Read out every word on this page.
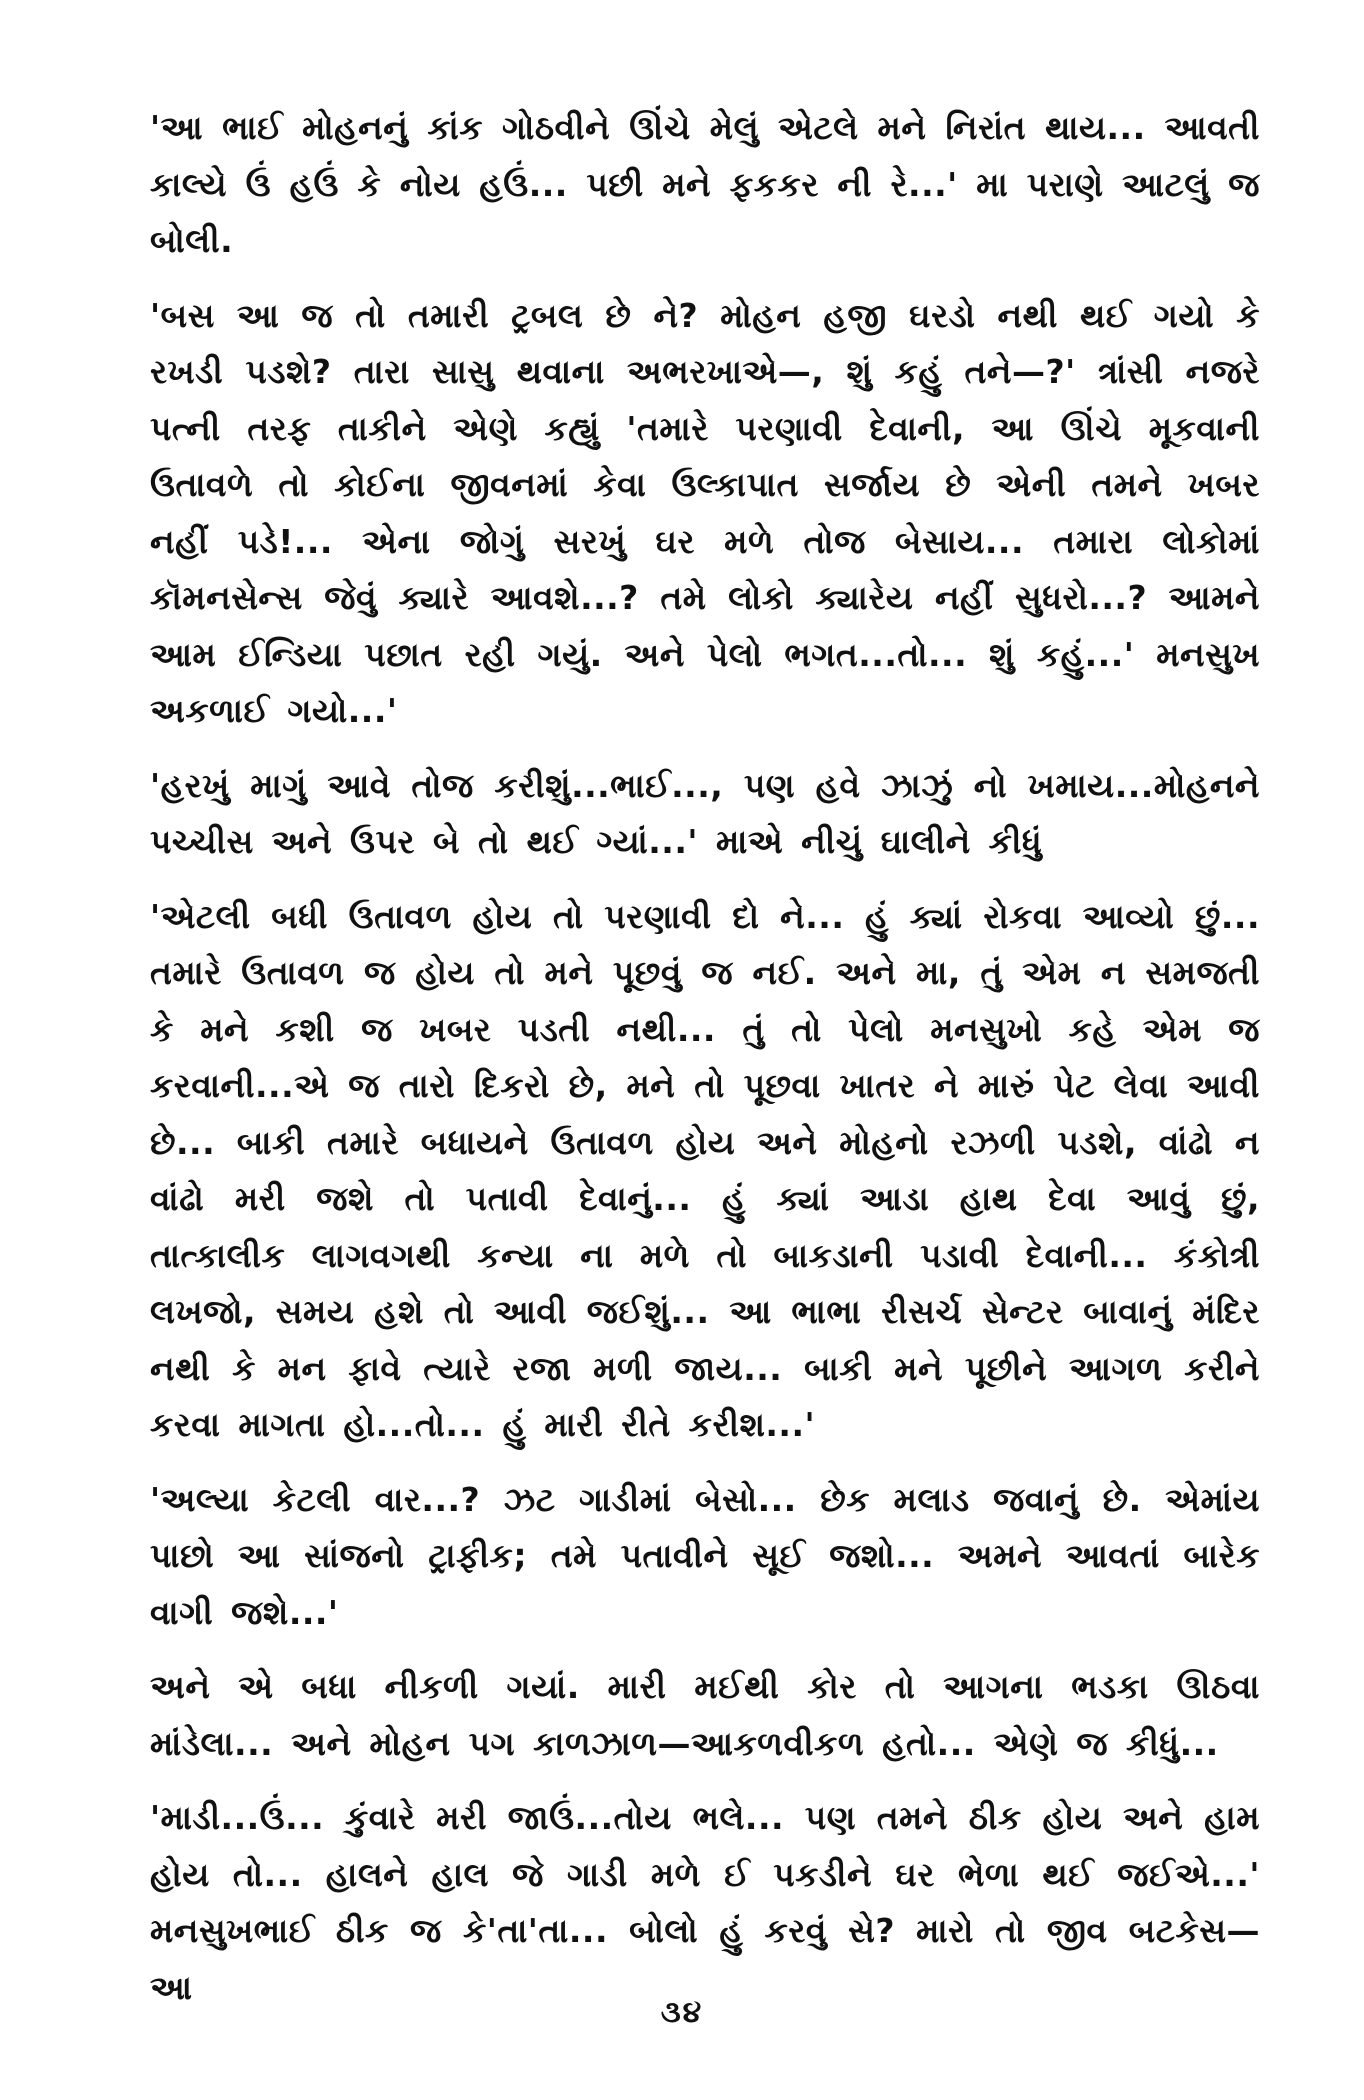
'આ ભાઈ મોહનનું કાંક ગોઠવીને ઊંચે મેલું એટલે મને નિરાંત થાય... આવતી કાલ્યે ઉં હઉં કે નોય હઉં... પછી મને ફકકર ની રે...' મા પરાણે આટલું જ બોલી.

'બસ આ જ તો તમારી ટ્રબલ છે ને? મોહન હજી ઘરડો નથી થઈ ગયો કે રખડી પડશે? તારા સાસુ થવાના અભરખાએ—, શું કહું તને—?' ત્રાંસી નજરે પત્ની તરફ તાકીને એણે કહ્યું 'તમારે પરણાવી દેવાની, આ ઊંચે મૂકવાની ઉતાવળે તો કોઈના જીવનમાં કેવા ઉલ્કાપાત સર્જાય છે એની તમને ખબર નહીં પડે!... એના જોગું સરખું ઘર મળે તોજ બેસાય... તમારા લોકોમાં કૉમનસેન્સ જેવું ક્યારે આવશે...? તમે લોકો ક્યારેય નહીં સુધરો...? આમને આમ ઈન્ડિયા પછાત રહી ગયું. અને પેલો ભગત...તો... શું કહું...' મનસુખ અકળાઈ ગયો...'

'હરખું માગું આવે તોજ કરીશું...ભાઈ..., પણ હવે ઝાઝું નો ખમાય...મોહનને પચ્ચીસ અને ઉપર બે તો થઈ ગ્યાં...' માએ નીચું ઘાલીને કીધું

'એટલી બધી ઉતાવળ હોય તો પરણાવી દો ને... હું ક્યાં રોકવા આવ્યો છું... તમારે ઉતાવળ જ હોય તો મને પૂછવું જ નઈ. અને મા, તું એમ ન સમજતી કે મને કશી જ ખબર પડતી નથી... તું તો પેલો મનસુખો કહે એમ જ કરવાની...એ જ તારો દિકરો છે, મને તો પૂછવા ખાતર ને મારું પેટ લેવા આવી છે... બાકી તમારે બધાયને ઉતાવળ હોય અને મોહનો રઝળી પડશે, વાંઢો ન વાંઢો મરી જશે તો પતાવી દેવાનું... હું ક્યાં આડા હાથ દેવા આવું છું, તાત્કાલીક લાગવગથી કન્યા ના મળે તો બાકડાની પડાવી દેવાની... કંકોત્રી લખજો, સમય હશે તો આવી જઈશું... આ ભાભા રીસર્ચ સેન્ટર બાવાનું મંદિર નથી કે મન ફાવે ત્યારે રજા મળી જાય... બાકી મને પૂછીને આગળ કરીને કરવા માગતા હો...તો... હું મારી રીતે કરીશ...'

'અલ્યા કેટલી વાર...? ઝટ ગાડીમાં બેસો... છેક મલાડ જવાનું છે. એમાંય પાછો આ સાંજનો ટ્રાફીક; તમે પતાવીને સૂઈ જશો... અમને આવતાં બારેક વાગી જશે...'

અને એ બધા નીકળી ગયાં. મારી મઈથી કોર તો આગના ભડકા ઊઠવા માંડેલા... અને મોહન પગ કાળઝાળ—આકળવીકળ હતો... એણે જ કીધું...

'માડી...ઉં... કુંવારે મરી જાઉં...તોય ભલે... પણ તમને ઠીક હોય અને હામ હોય તો... હાલને હાલ જે ગાડી મળે ઈ પકડીને ઘર ભેળા થઈ જઈએ...' મનસુખભાઈ ઠીક જ કે'તા'તા... બોલો હું કરવું સે? મારો તો જીવ બટકેસ—આ

૩૪
